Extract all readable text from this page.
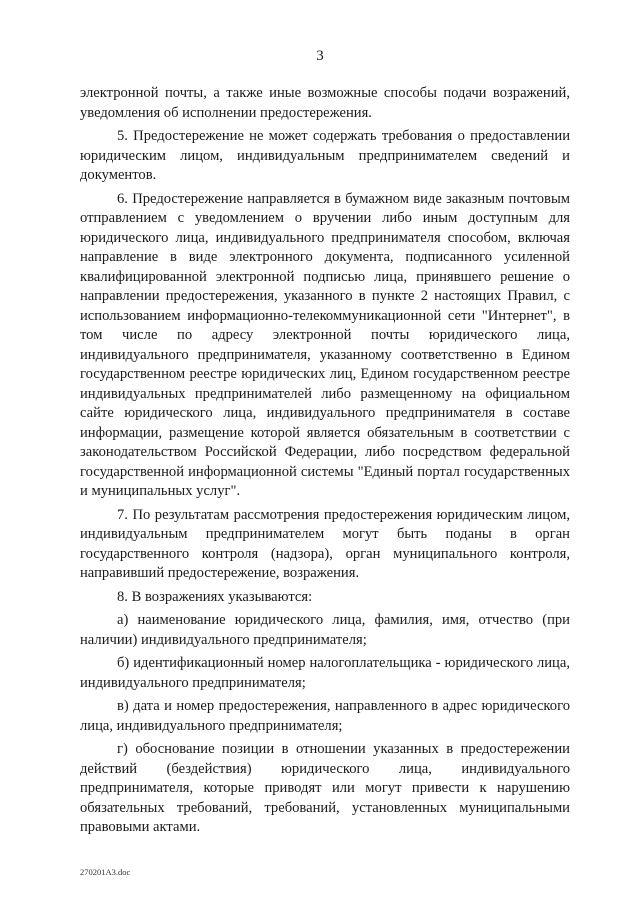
3

электронной почты, а также иные возможные способы подачи возражений, уведомления об исполнении предостережения.

5. Предостережение не может содержать требования о предоставлении юридическим лицом, индивидуальным предпринимателем сведений и документов.

6. Предостережение направляется в бумажном виде заказным почтовым отправлением с уведомлением о вручении либо иным доступным для юридического лица, индивидуального предпринимателя способом, включая направление в виде электронного документа, подписанного усиленной квалифицированной электронной подписью лица, принявшего решение о направлении предостережения, указанного в пункте 2 настоящих Правил, с использованием информационно-телекоммуникационной сети "Интернет", в том числе по адресу электронной почты юридического лица, индивидуального предпринимателя, указанному соответственно в Едином государственном реестре юридических лиц, Едином государственном реестре индивидуальных предпринимателей либо размещенному на официальном сайте юридического лица, индивидуального предпринимателя в составе информации, размещение которой является обязательным в соответствии с законодательством Российской Федерации, либо посредством федеральной государственной информационной системы "Единый портал государственных и муниципальных услуг".

7. По результатам рассмотрения предостережения юридическим лицом, индивидуальным предпринимателем могут быть поданы в орган государственного контроля (надзора), орган муниципального контроля, направивший предостережение, возражения.

8. В возражениях указываются:

а) наименование юридического лица, фамилия, имя, отчество (при наличии) индивидуального предпринимателя;

б) идентификационный номер налогоплательщика - юридического лица, индивидуального предпринимателя;

в) дата и номер предостережения, направленного в адрес юридического лица, индивидуального предпринимателя;

г) обоснование позиции в отношении указанных в предостережении действий (бездействия) юридического лица, индивидуального предпринимателя, которые приводят или могут привести к нарушению обязательных требований, требований, установленных муниципальными правовыми актами.

270201A3.doc
